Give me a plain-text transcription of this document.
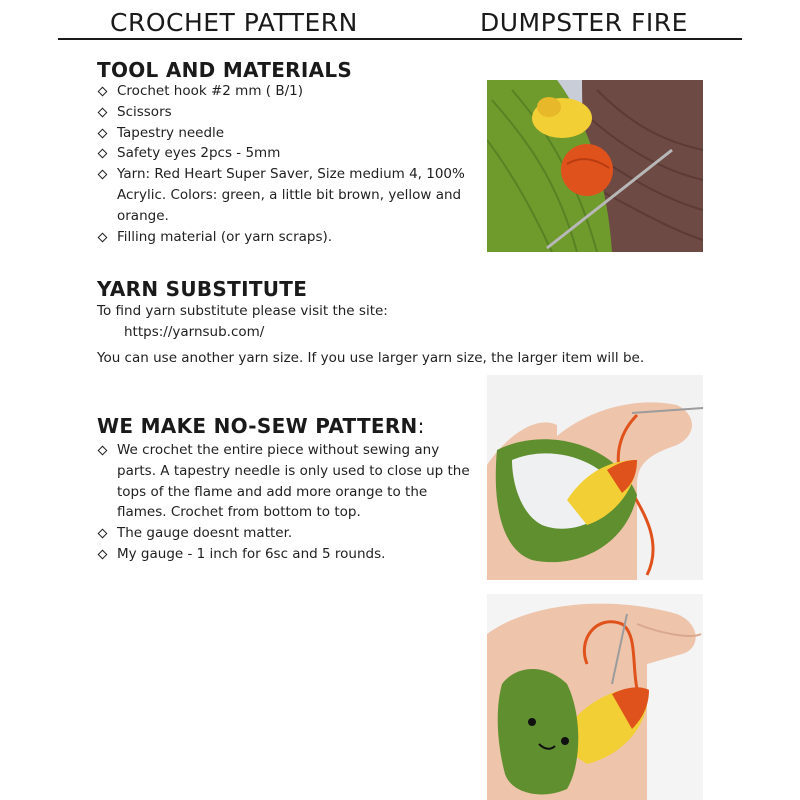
CROCHET PATTERN	DUMPSTER FIRE
TOOL AND MATERIALS
Crochet hook #2 mm ( B/1)
Scissors
Tapestry needle
Safety eyes 2pcs - 5mm
Yarn: Red Heart Super Saver, Size medium 4, 100% Acrylic. Colors: green, a little bit brown, yellow and orange.
Filling material (or yarn scraps).
YARN SUBSTITUTE

To find yarn substitute please visit the site:

https://yarnsub.com/

You can use another yarn size. If you use larger yarn size, the larger item will be.

WE MAKE NO-SEW PATTERN:
We crochet the entire piece without sewing any parts. A tapestry needle is only used to close up the tops of the flame and add more orange to the flames. Crochet from bottom to top.
The gauge doesnt matter.
My gauge - 1 inch for 6sc and 5 rounds.
